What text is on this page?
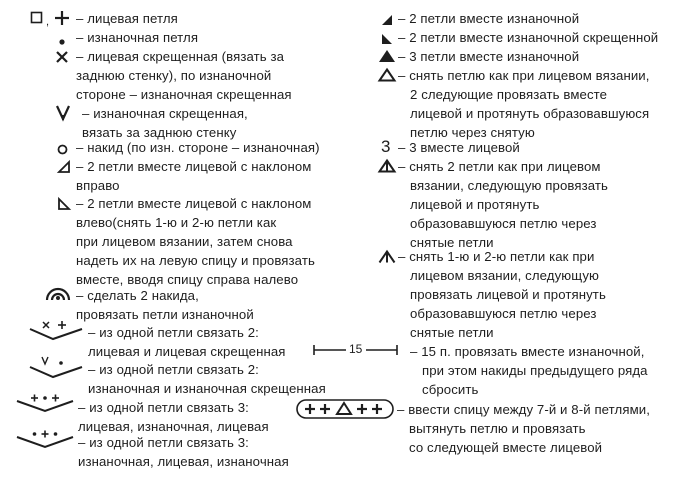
, – лицевая петля
– изнаночная петля
– лицевая скрещенная (вязать за
заднюю стенку), по изнаночной
стороне – изнаночная скрещенная
– изнаночная скрещенная,
вязать за заднюю стенку
– накид (по изн. стороне – изнаночная)
– 2 петли вместе лицевой с наклоном
вправо
– 2 петли вместе лицевой с наклоном
влево(снять 1-ю и 2-ю петли как
при лицевом вязании, затем снова
надеть их на левую спицу и провязать
вместе, вводя спицу справа налево
– сделать 2 накида,
провязать петли изнаночной
– из одной петли связать 2:
лицевая и лицевая скрещенная
– из одной петли связать 2:
изнаночная и изнаночная скрещенная
– из одной петли связать 3:
лицевая, изнаночная, лицевая
– из одной петли связать 3:
изнаночная, лицевая, изнаночная
– 2 петли вместе изнаночной
– 2 петли вместе изнаночной скрещенной
– 3 петли вместе изнаночной
– снять петлю как при лицевом вязании,
2 следующие провязать вместе
лицевой и протянуть образовавшуюся
петлю через снятую
3 – 3 вместе лицевой
– снять 2 петли как при лицевом
вязании, следующую провязать
лицевой и протянуть
образовавшуюся петлю через
снятые петли
– снять 1-ю и 2-ю петли как при
лицевом вязании, следующую
провязать лицевой и протянуть
образовавшуюся петлю через
снятые петли
15	– 15 п. провязать вместе изнаночной,
при этом накиды предыдущего ряда
сбросить
– ввести спицу между 7-й и 8-й петлями,
вытянуть петлю и провязать
со следующей вместе лицевой
